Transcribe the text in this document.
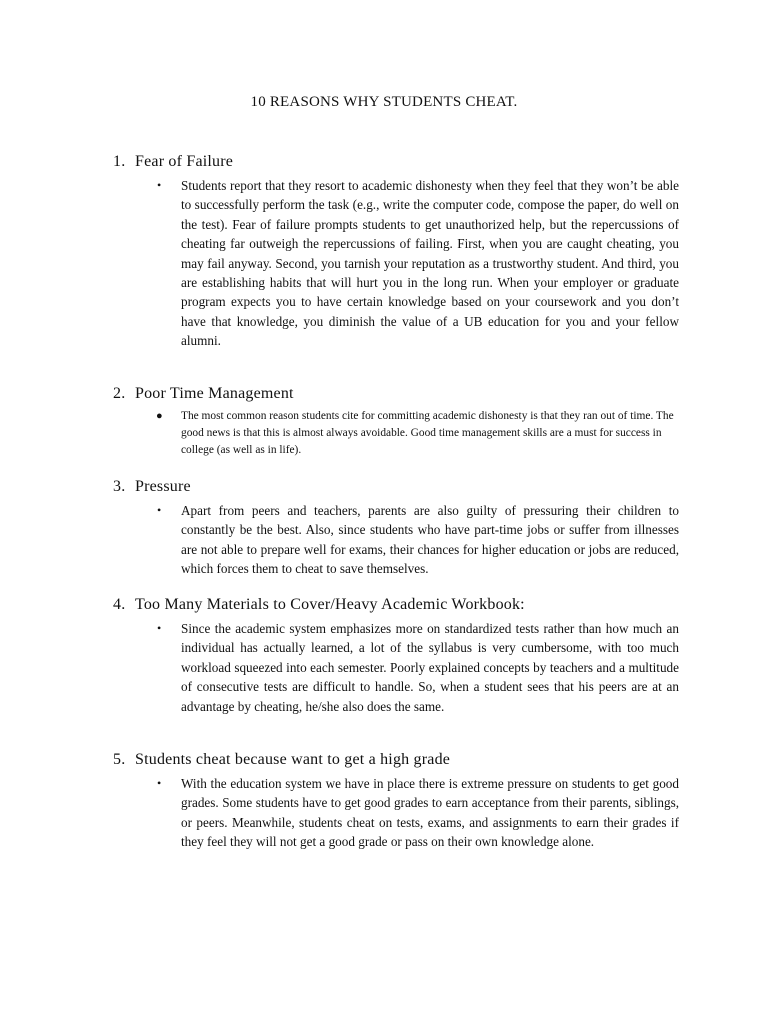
10 REASONS WHY STUDENTS CHEAT.
1. Fear of Failure
• Students report that they resort to academic dishonesty when they feel that they won’t be able to successfully perform the task (e.g., write the computer code, compose the paper, do well on the test). Fear of failure prompts students to get unauthorized help, but the repercussions of cheating far outweigh the repercussions of failing. First, when you are caught cheating, you may fail anyway. Second, you tarnish your reputation as a trustworthy student. And third, you are establishing habits that will hurt you in the long run. When your employer or graduate program expects you to have certain knowledge based on your coursework and you don’t have that knowledge, you diminish the value of a UB education for you and your fellow alumni.
2. Poor Time Management
● The most common reason students cite for committing academic dishonesty is that they ran out of time. The good news is that this is almost always avoidable. Good time management skills are a must for success in college (as well as in life).
3. Pressure
• Apart from peers and teachers, parents are also guilty of pressuring their children to constantly be the best. Also, since students who have part-time jobs or suffer from illnesses are not able to prepare well for exams, their chances for higher education or jobs are reduced, which forces them to cheat to save themselves.
4. Too Many Materials to Cover/Heavy Academic Workbook:
• Since the academic system emphasizes more on standardized tests rather than how much an individual has actually learned, a lot of the syllabus is very cumbersome, with too much workload squeezed into each semester. Poorly explained concepts by teachers and a multitude of consecutive tests are difficult to handle. So, when a student sees that his peers are at an advantage by cheating, he/she also does the same.
5. Students cheat because want to get a high grade
• With the education system we have in place there is extreme pressure on students to get good grades. Some students have to get good grades to earn acceptance from their parents, siblings, or peers. Meanwhile, students cheat on tests, exams, and assignments to earn their grades if they feel they will not get a good grade or pass on their own knowledge alone.
